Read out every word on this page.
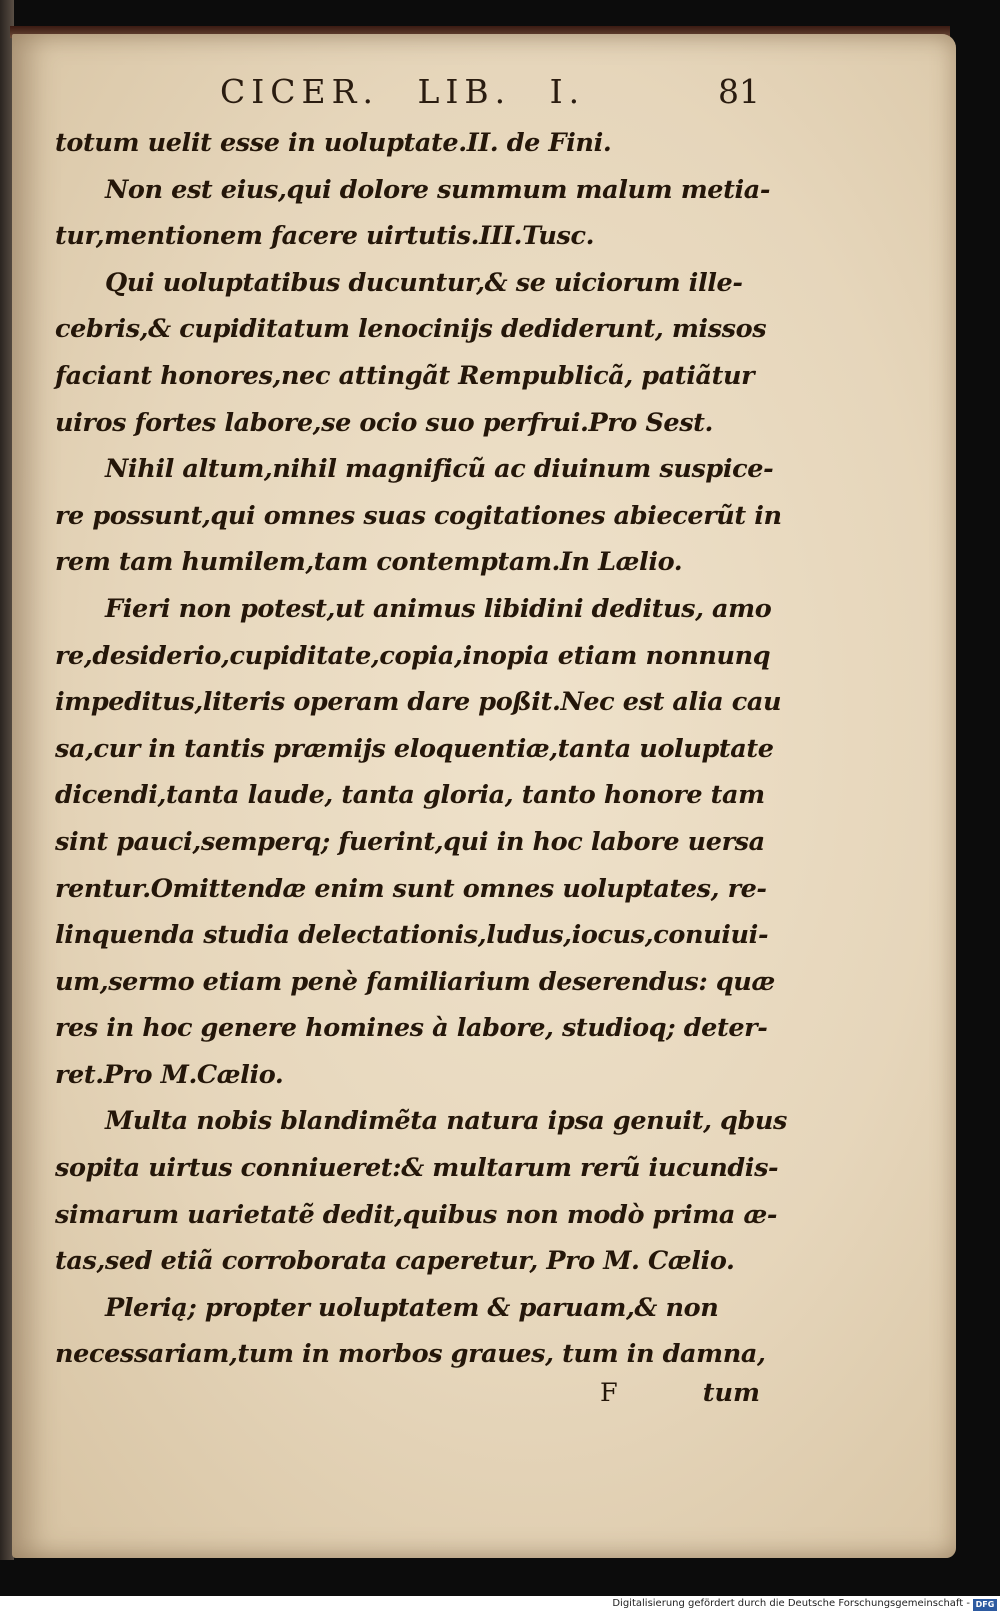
CICER. LIB. I.	81
totum uelit esse in uoluptate.II. de Fini.
Non est eius,qui dolore summum malum metia-
tur,mentionem facere uirtutis.III.Tusc.
Qui uoluptatibus ducuntur,& se uiciorum ille-
cebris,& cupiditatum lenocinijs dediderunt, missos
faciant honores,nec attingãt Rempublicã, patiãtur
uiros fortes labore,se ocio suo perfrui.Pro Sest.
Nihil altum,nihil magnificũ ac diuinum suspice-
re possunt,qui omnes suas cogitationes abiecerũt in
rem tam humilem,tam contemptam.In Lælio.
Fieri non potest,ut animus libidini deditus, amo
re,desiderio,cupiditate,copia,inopia etiam nonnunq
impeditus,literis operam dare poßit.Nec est alia cau
sa,cur in tantis præmijs eloquentiæ,tanta uoluptate
dicendi,tanta laude, tanta gloria, tanto honore tam
sint pauci,semperq; fuerint,qui in hoc labore uersa
rentur.Omittendæ enim sunt omnes uoluptates, re-
linquenda studia delectationis,ludus,iocus,conuiui-
um,sermo etiam penè familiarium deserendus: quæ
res in hoc genere homines à labore, studioq; deter-
ret.Pro M.Cælio.
Multa nobis blandimẽta natura ipsa genuit, qbus
sopita uirtus conniueret:& multarum rerũ iucundis-
simarum uarietatẽ dedit,quibus non modò prima æ-
tas,sed etiã corroborata caperetur, Pro M. Cælio.
Plerią; propter uoluptatem & paruam,& non
necessariam,tum in morbos graues, tum in damna,
F	tum
Digitalisierung gefördert durch die Deutsche Forschungsgemeinschaft - DFG
